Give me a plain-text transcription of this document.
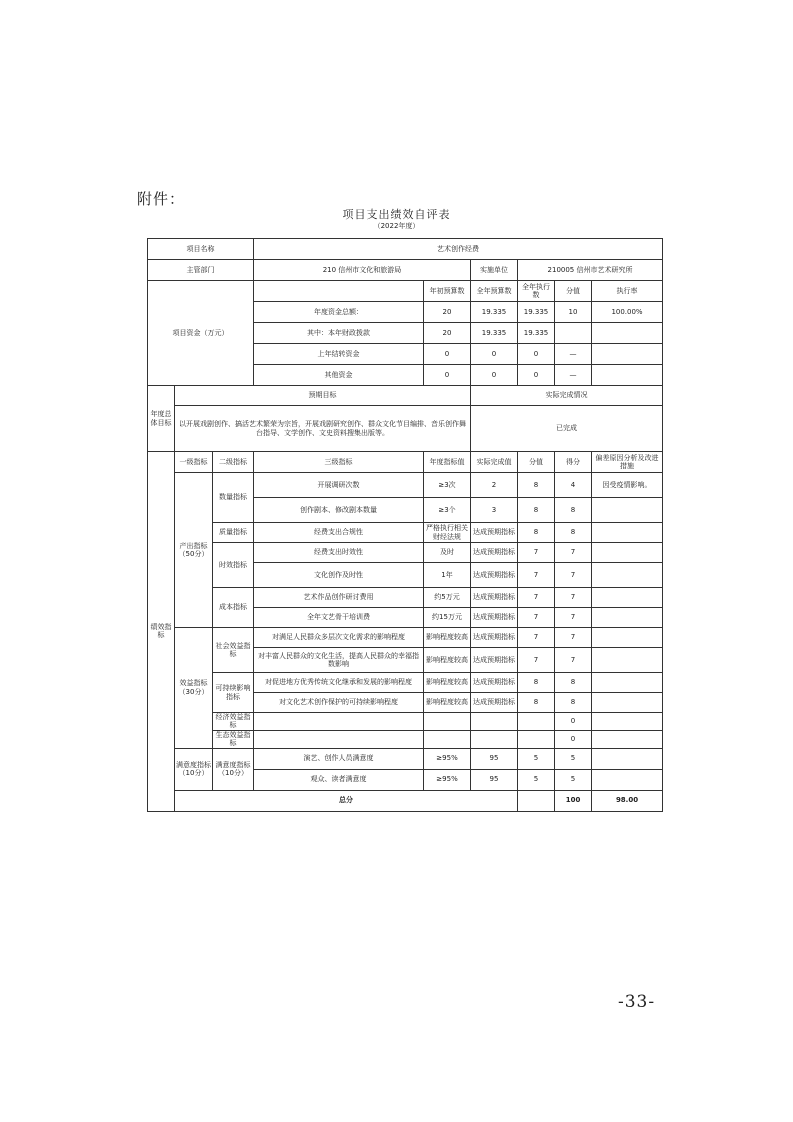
附件：
项目支出绩效自评表
（2022年度）
项目名称			艺术创作经费						
主管部门			210 信州市文化和旅游局		实施单位	210005 信州市艺术研究所			
项目资金（万元）				年初预算数	全年预算数	全年执行数	分值	执行率	
			年度资金总额：	20	19.335	19.335	10	100.00%	
			其中：本年财政拨款	20	19.335	19.335			
			上年结转资金	0	0	0	—		
			其他资金	0	0	0	—		
年度总体目标	预期目标				实际完成情况				
	以开展戏剧创作、搞活艺术繁荣为宗旨，开展戏剧研究创作、群众文化节目编排、音乐创作舞台指导、文学创作、文史资料搜集出版等。				已完成				
绩效指标	一级指标	二级指标	三级指标	年度指标值	实际完成值	分值	得分	偏差原因分析及改进措施	
	产出指标（50分）	数量指标	开展调研次数	≥3次	2	8	4	因受疫情影响。	
			创作剧本、修改剧本数量	≥3个	3	8	8		
		质量指标	经费支出合规性	严格执行相关财经法规	达成预期指标	8	8		
		时效指标	经费支出时效性	及时	达成预期指标	7	7		
			文化创作及时性	1年	达成预期指标	7	7		
		成本指标	艺术作品创作研讨费用	约5万元	达成预期指标	7	7		
			全年文艺骨干培训费	约15万元	达成预期指标	7	7		
	效益指标（30分）	社会效益指标	对满足人民群众多层次文化需求的影响程度	影响程度较高	达成预期指标	7	7		
			对丰富人民群众的文化生活，提高人民群众的幸福指数影响	影响程度较高	达成预期指标	7	7		
		可持续影响指标	对促进地方优秀传统文化继承和发展的影响程度	影响程度较高	达成预期指标	8	8		
			对文化艺术创作保护的可持续影响程度	影响程度较高	达成预期指标	8	8		
		经济效益指标					0		
		生态效益指标					0		
	满意度指标（10分）	满意度指标（10分）	演艺、创作人员满意度	≥95%	95	5	5		
			观众、读者满意度	≥95%	95	5	5		
	总分						100	98.00	
-33-
